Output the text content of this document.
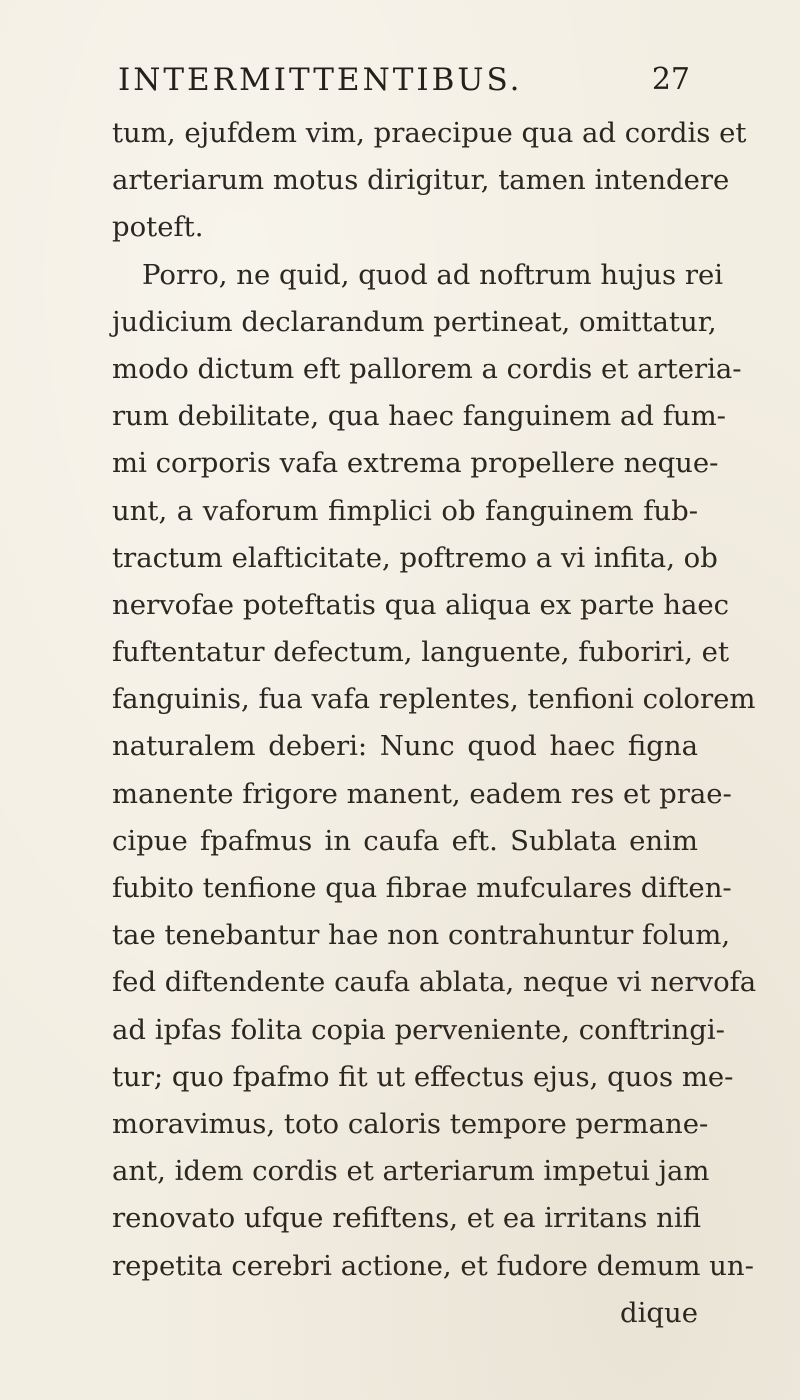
INTERMITTENTIBUS.	27
tum, ejufdem vim, praecipue qua ad cordis et
arteriarum motus dirigitur, tamen intendere
poteft.
Porro, ne quid, quod ad noftrum hujus rei
judicium declarandum pertineat, omittatur,
modo dictum eft pallorem a cordis et arteria-
rum debilitate, qua haec fanguinem ad fum-
mi corporis vafa extrema propellere neque-
unt, a vaforum fimplici ob fanguinem fub-
tractum elafticitate, poftremo a vi infita, ob
nervofae poteftatis qua aliqua ex parte haec
fuftentatur defectum, languente, fuboriri, et
fanguinis, fua vafa replentes, tenfioni colorem
naturalem deberi: Nunc quod haec figna
manente frigore manent, eadem res et prae-
cipue fpafmus in caufa eft. Sublata enim
fubito tenfione qua fibrae mufculares diften-
tae tenebantur hae non contrahuntur folum,
fed diftendente caufa ablata, neque vi nervofa
ad ipfas folita copia perveniente, conftringi-
tur; quo fpafmo fit ut effectus ejus, quos me-
moravimus, toto caloris tempore permane-
ant, idem cordis et arteriarum impetui jam
renovato ufque refiftens, et ea irritans nifi
repetita cerebri actione, et fudore demum un-
dique
